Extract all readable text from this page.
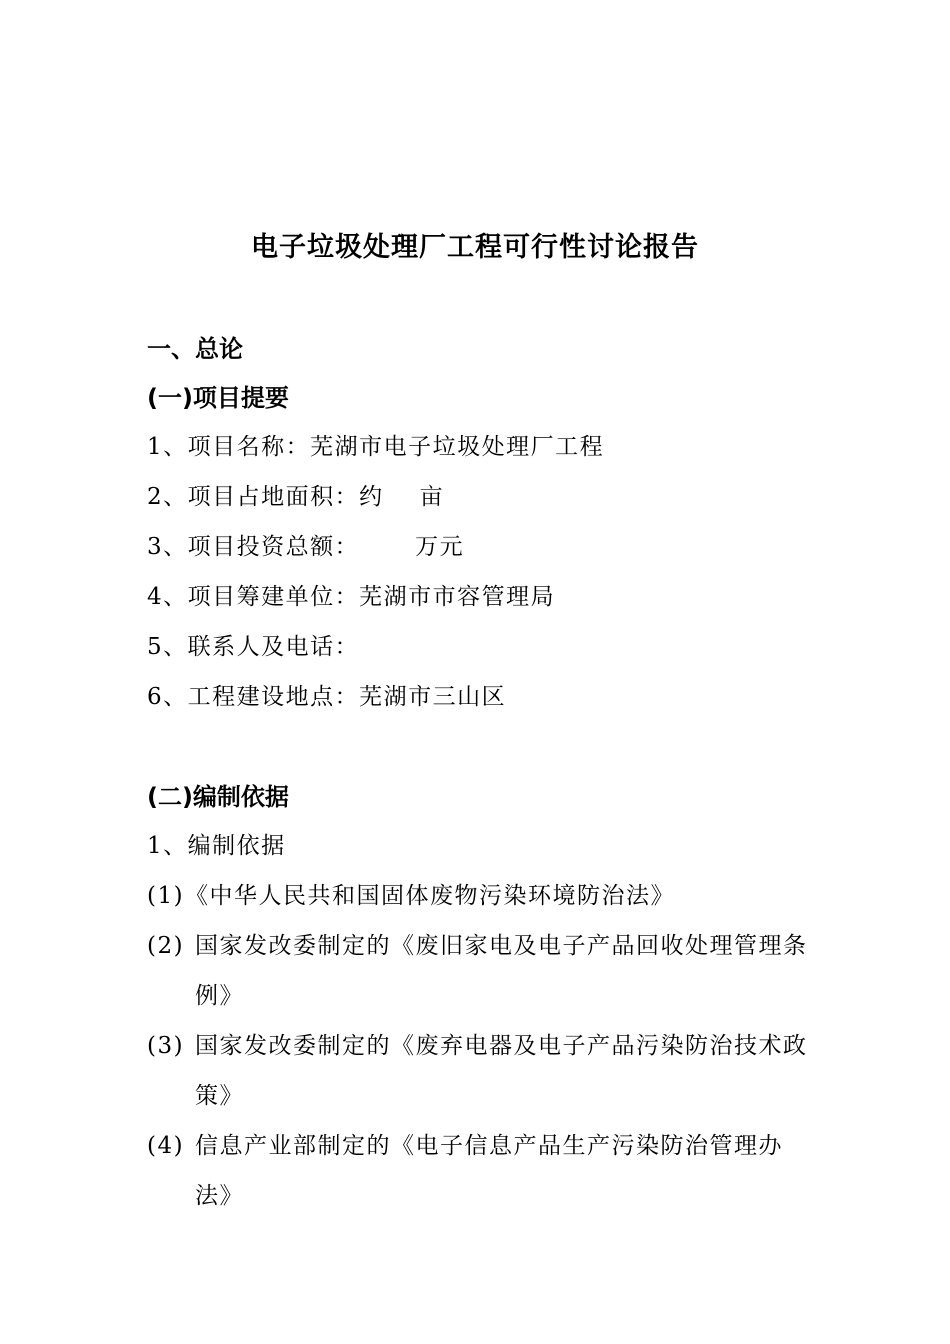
电子垃圾处理厂工程可行性讨论报告
一、总论
(一)项目提要

1、项目名称：芜湖市电子垃圾处理厂工程

2、项目占地面积：约 亩

3、项目投资总额： 万元

4、项目筹建单位：芜湖市市容管理局

5、联系人及电话：

6、工程建设地点：芜湖市三山区

(二)编制依据

1、编制依据

(1) 《中华人民共和国固体废物污染环境防治法》
(2) 国家发改委制定的《废旧家电及电子产品回收处理管理条例》
(3) 国家发改委制定的《废弃电器及电子产品污染防治技术政策》
(4) 信息产业部制定的《电子信息产品生产污染防治管理办法》
